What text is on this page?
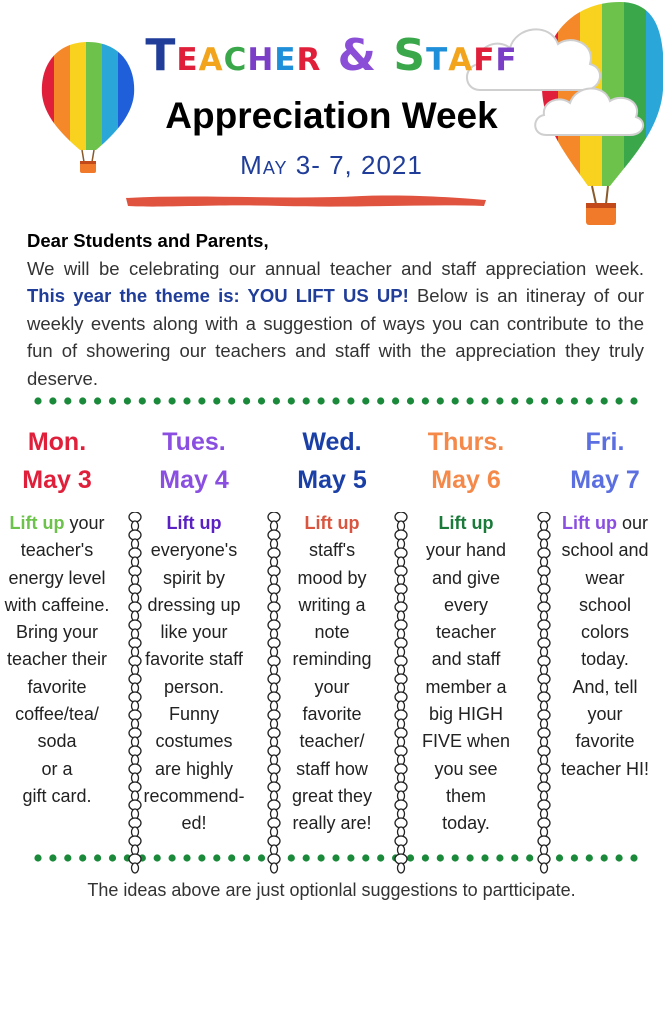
Teacher & Staff
Appreciation Week
May 3- 7, 2021
Dear Students and Parents,
We will be celebrating our annual teacher and staff appreciation week. This year the theme is: YOU LIFT US UP! Below is an itineray of our weekly events along with a suggestion of ways you can contribute to the fun of showering our teachers and staff with the appreciation they truly deserve.
Mon.
May 3
Lift up your
teacher's
energy level
with caffeine.
Bring your
teacher their
favorite
coffee/tea/
soda
or a
gift card.
Tues.
May 4
Lift up
everyone's
spirit by
dressing up
like your
favorite staff
person.
Funny
costumes
are highly
recommend-
ed!
Wed.
May 5
Lift up
staff's
mood by
writing a
note
reminding
your
favorite
teacher/
staff how
great they
really are!
Thurs.
May 6
Lift up
your hand
and give
every
teacher
and staff
member a
big HIGH
FIVE when
you see
them
today.
Fri.
May 7
Lift up our
school and
wear
school
colors
today.
And, tell
your
favorite
teacher HI!
The ideas above are just optionlal suggestions to partticipate.
